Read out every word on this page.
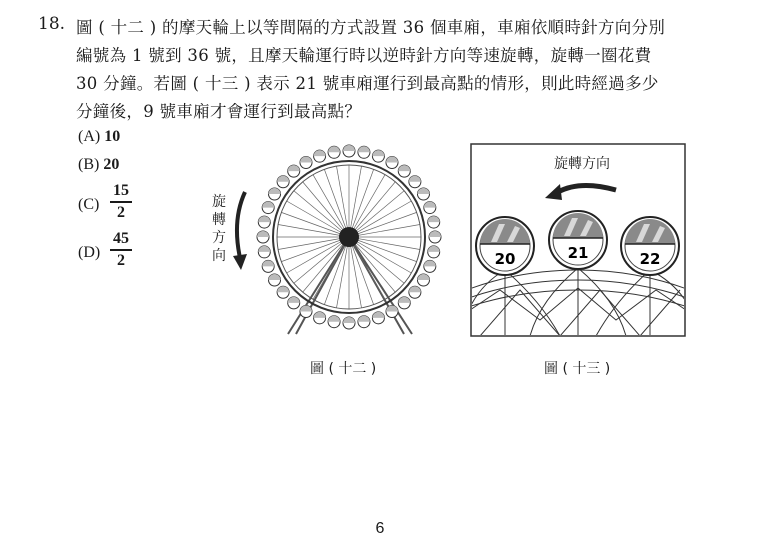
18. 圖 ( 十二 ) 的摩天輪上以等間隔的方式設置 36 個車廂，車廂依順時針方向分別
編號為 1 號到 36 號，且摩天輪運行時以逆時針方向等速旋轉，旋轉一圈花費
30 分鐘。若圖 ( 十三 ) 表示 21 號車廂運行到最高點的情形，則此時經過多少
分鐘後，9 號車廂才會運行到最高點？
(A) 10
(B) 20
(C)
15
2
(D)
45
2
旋
轉
方
向
圖 ( 十二 )
旋轉方向
20	21	22
圖 ( 十三 )
6
